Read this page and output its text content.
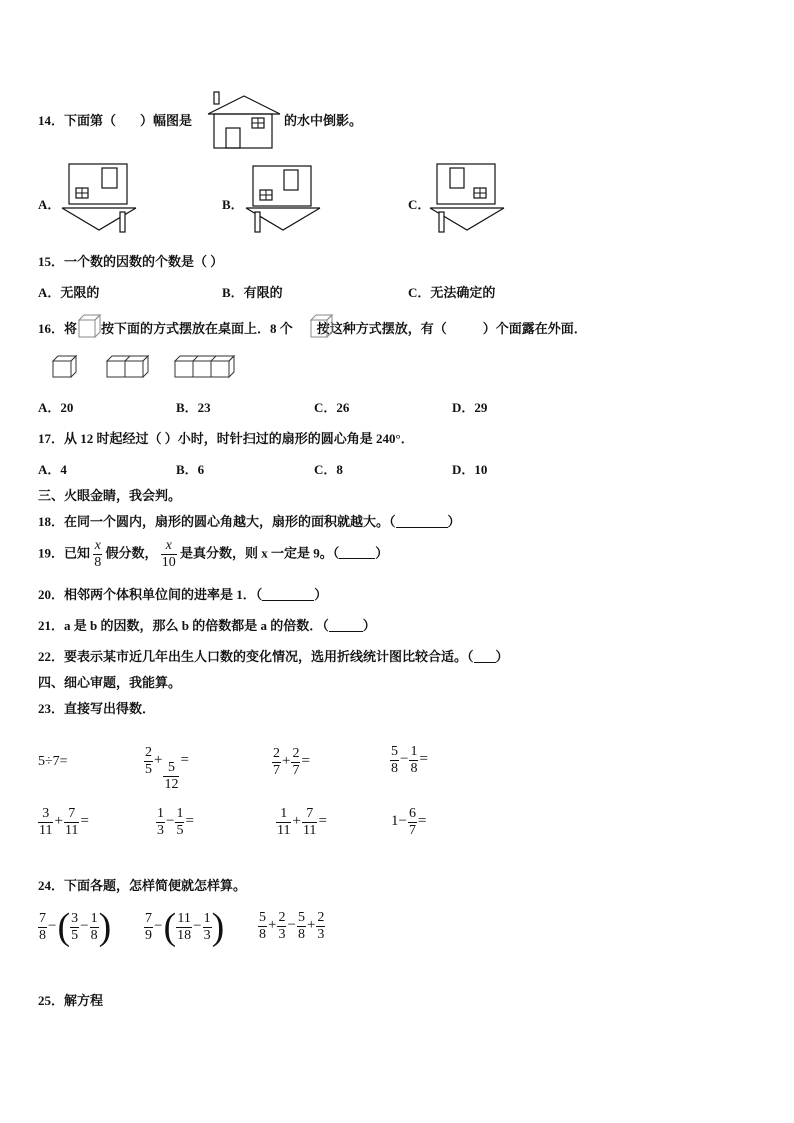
14．下面第（ ）幅图是	的水中倒影。
A．	B．	C．
15．一个数的因数的个数是（ ）
A．无限的	B．有限的	C．无法确定的
16．将 按下面的方式摆放在桌面上．8 个 按这种方式摆放，有（	）个面露在外面．
A．20	B．23	C．26	D．29
17．从 12 时起经过（ ）小时，时针扫过的扇形的圆心角是 240°．
A．4	B．6	C．8	D．10
三、火眼金睛，我会判。
18．在同一个圆内，扇形的圆心角越大，扇形的面积就越大。（	）
19．已知 $\frac{x}{8}$ 假分数， $\frac{x}{10}$ 是真分数，则 x 一定是 9。（	）
20．相邻两个体积单位间的进率是 1．（	）
21．a 是 b 的因数，那么 b 的倍数都是 a 的倍数．（	）
22．要表示某市近几年出生人口数的变化情况，选用折线统计图比较合适。（ ）
四、细心审题，我能算。
23．直接写出得数．
5÷7=	$\frac{2}{5} + \frac{5}{12}$ =	$\frac{2}{7} + \frac{2}{7}$ =	$\frac{5}{8} - \frac{1}{8}$ =
$\frac{3}{11} + \frac{7}{11}$ =	$\frac{1}{3} - \frac{1}{5}$ =	$\frac{1}{11} + \frac{7}{11}$ =	$1- \frac{6}{7}$ =
24．下面各题，怎样简便就怎样算。
$\frac{7}{8}$ −( $\frac{3}{5} - \frac{1}{8}$ ) $\frac{7}{9}$ −( $\frac{11}{18} - \frac{1}{3}$ ) $\frac{5}{8} + \frac{2}{3} - \frac{5}{8} + \frac{2}{3}$
25．解方程
